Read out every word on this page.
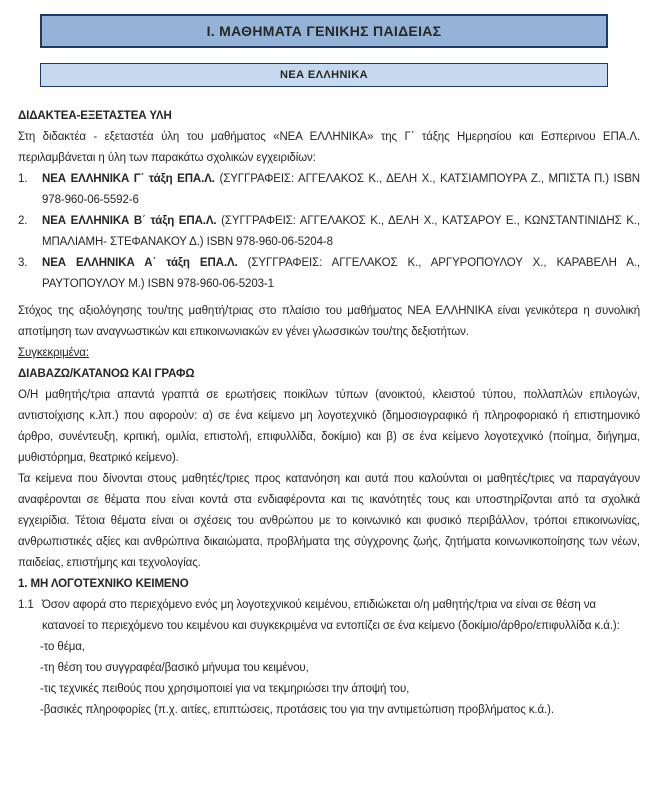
Ι. ΜΑΘΗΜΑΤΑ ΓΕΝΙΚΗΣ ΠΑΙΔΕΙΑΣ
ΝΕΑ ΕΛΛΗΝΙΚΑ

ΔΙΔΑΚΤΕΑ-ΕΞΕΤΑΣΤΕΑ ΥΛΗ

Στη διδακτέα - εξεταστέα ύλη του μαθήματος «ΝΕΑ ΕΛΛΗΝΙΚΑ» της Γ΄ τάξης Ημερησίου και Εσπερινου ΕΠΑ.Λ. περιλαμβάνεται η ύλη των παρακάτω σχολικών εγχειριδίων:

1. ΝΕΑ ΕΛΛΗΝΙΚΑ Γ΄ τάξη ΕΠΑ.Λ. (ΣΥΓΓΡΑΦΕΙΣ: ΑΓΓΕΛΑΚΟΣ Κ., ΔΕΛΗ Χ., ΚΑΤΣΙΑΜΠΟΥΡΑ Ζ., ΜΠΙΣΤΑ Π.) ISBN 978-960-06-5592-6
2. ΝΕΑ ΕΛΛΗΝΙΚΑ Β΄ τάξη ΕΠΑ.Λ. (ΣΥΓΓΡΑΦΕΙΣ: ΑΓΓΕΛΑΚΟΣ Κ., ΔΕΛΗ Χ., ΚΑΤΣΑΡΟΥ Ε., ΚΩΝΣΤΑΝΤΙΝΙΔΗΣ Κ., ΜΠΑΛΙΑΜΗ- ΣΤΕΦΑΝΑΚΟΥ Δ.) ISBN 978-960-06-5204-8
3. ΝΕΑ ΕΛΛΗΝΙΚΑ Α΄ τάξη ΕΠΑ.Λ. (ΣΥΓΓΡΑΦΕΙΣ: ΑΓΓΕΛΑΚΟΣ Κ., ΑΡΓΥΡΟΠΟΥΛΟΥ Χ., ΚΑΡΑΒΕΛΗ Α., ΡΑΥΤΟΠΟΥΛΟΥ Μ.) ISBN 978-960-06-5203-1

Στόχος της αξιολόγησης του/της μαθητή/τριας στο πλαίσιο του μαθήματος ΝΕΑ ΕΛΛΗΝΙΚΑ είναι γενικότερα η συνολική αποτίμηση των αναγνωστικών και επικοινωνιακών εν γένει γλωσσικών του/της δεξιοτήτων.

Συγκεκριμένα:

ΔΙΑΒΑΖΩ/ΚΑΤΑΝΟΩ ΚΑΙ ΓΡΑΦΩ

Ο/Η μαθητής/τρια απαντά γραπτά σε ερωτήσεις ποικίλων τύπων (ανοικτού, κλειστού τύπου, πολλαπλών επιλογών, αντιστοίχισης κ.λπ.) που αφορούν: α) σε ένα κείμενο μη λογοτεχνικό (δημοσιογραφικό ή πληροφοριακό ή επιστημονικό άρθρο, συνέντευξη, κριτική, ομιλία, επιστολή, επιφυλλίδα, δοκίμιο) και β) σε ένα κείμενο λογοτεχνικό (ποίημα, διήγημα, μυθιστόρημα, θεατρικό κείμενο).

Τα κείμενα που δίνονται στους μαθητές/τριες προς κατανόηση και αυτά που καλούνται οι μαθητές/τριες να παραγάγουν αναφέρονται σε θέματα που είναι κοντά στα ενδιαφέροντα και τις ικανότητές τους και υποστηρίζονται από τα σχολικά εγχειρίδια. Τέτοια θέματα είναι οι σχέσεις του ανθρώπου με το κοινωνικό και φυσικό περιβάλλον, τρόποι επικοινωνίας, ανθρωπιστικές αξίες και ανθρώπινα δικαιώματα, προβλήματα της σύγχρονης ζωής, ζητήματα κοινωνικοποίησης των νέων, παιδείας, επιστήμης και τεχνολογίας.

1. ΜΗ ΛΟΓΟΤΕΧΝΙΚΟ ΚΕΙΜΕΝΟ

1.1 Όσον αφορά στο περιεχόμενο ενός μη λογοτεχνικού κειμένου, επιδιώκεται ο/η μαθητής/τρια να είναι σε θέση να κατανοεί το περιεχόμενο του κειμένου και συγκεκριμένα να εντοπίζει σε ένα κείμενο (δοκίμιο/άρθρο/επιφυλλίδα κ.ά.):
-το θέμα,
-τη θέση του συγγραφέα/βασικό μήνυμα του κειμένου,
-τις τεχνικές πειθούς που χρησιμοποιεί για να τεκμηριώσει την άποψή του,
-βασικές πληροφορίες (π.χ. αιτίες, επιπτώσεις, προτάσεις του για την αντιμετώπιση προβλήματος κ.ά.).
